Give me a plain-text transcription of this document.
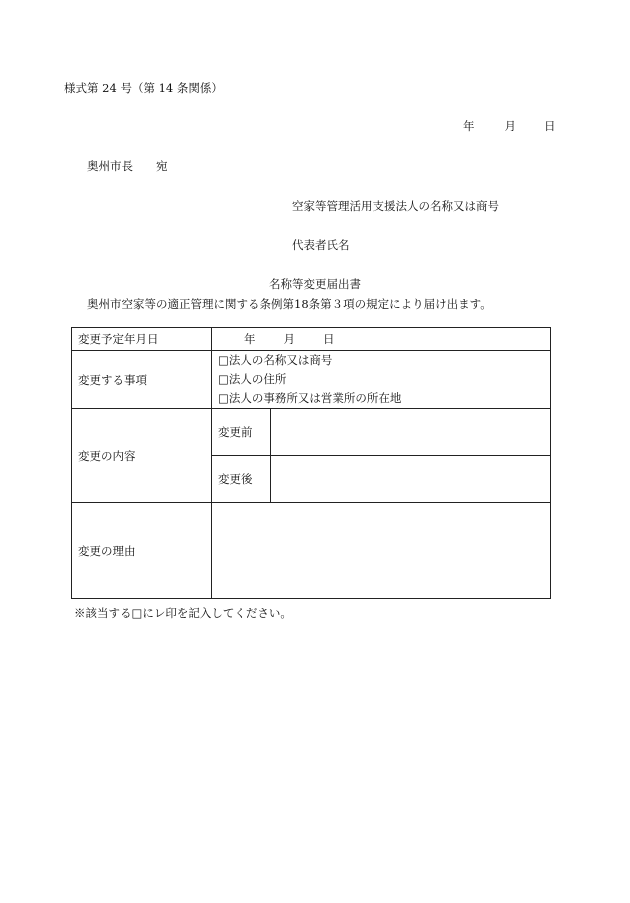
様式第 24 号（第 14 条関係）
年	月 日
奥州市長　　宛
空家等管理活用支援法人の名称又は商号
代表者氏名
名称等変更届出書
奥州市空家等の適正管理に関する条例第18条第３項の規定により届け出ます。
変更予定年月日	年 月 日	
変更する事項	□法人の名称又は商号
□法人の住所
□法人の事務所又は営業所の所在地	

変更の内容	変更前	
	変更後	
変更の理由		
※該当する□にレ印を記入してください。
